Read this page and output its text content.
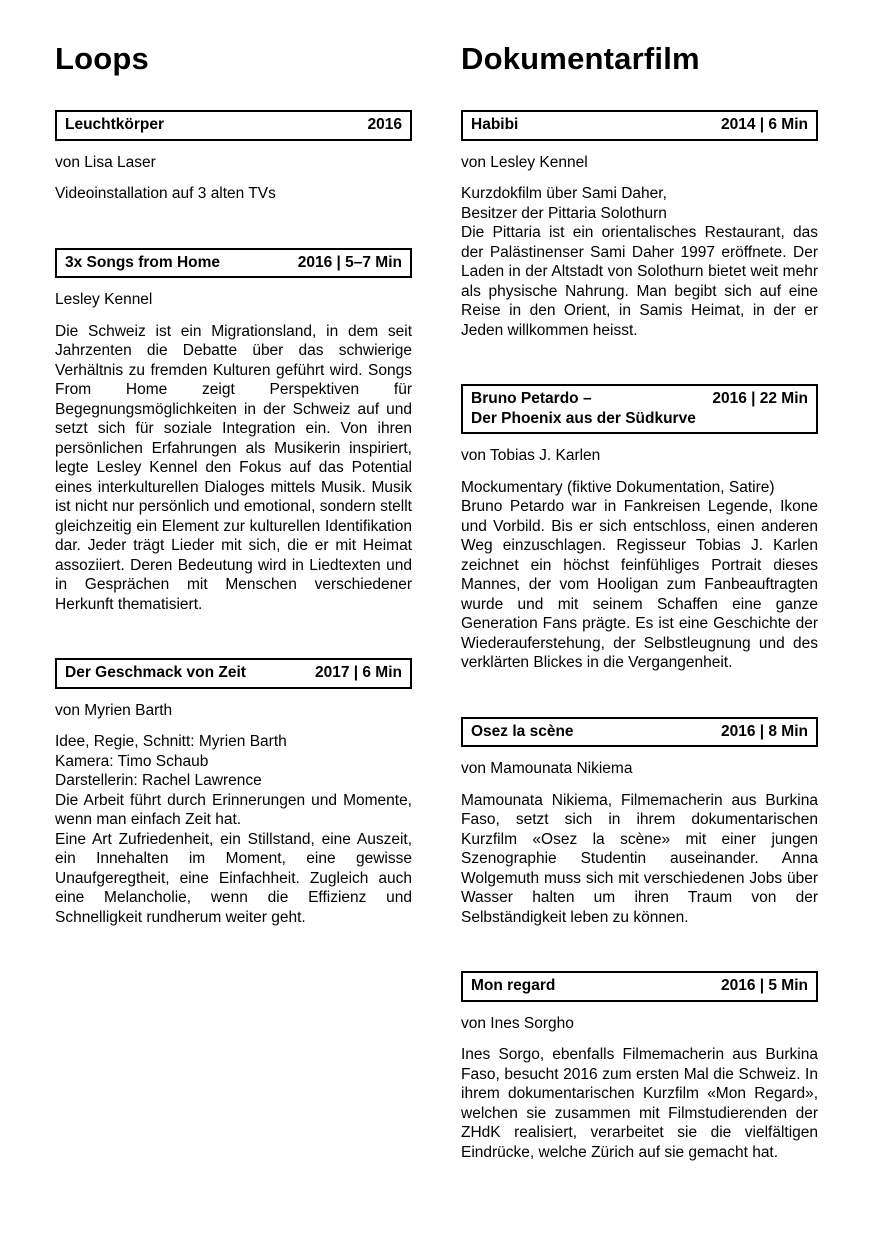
Loops
Leuchtkörper	2016
von Lisa Laser
Videoinstallation auf 3 alten TVs
3x Songs from Home	2016 | 5–7 Min
Lesley Kennel

Die Schweiz ist ein Migrationsland, in dem seit Jahrzenten die Debatte über das schwierige Verhältnis zu fremden Kulturen geführt wird. Songs From Home zeigt Perspektiven für Begegnungsmöglichkeiten in der Schweiz auf und setzt sich für soziale Integration ein. Von ihren persönlichen Erfahrungen als Musikerin inspiriert, legte Lesley Kennel den Fokus auf das Potential eines interkulturellen Dialoges mittels Musik. Musik ist nicht nur persönlich und emotional, sondern stellt gleichzeitig ein Element zur kulturellen Identifikation dar. Jeder trägt Lieder mit sich, die er mit Heimat assoziiert. Deren Bedeutung wird in Liedtexten und in Gesprächen mit Menschen verschiedener Herkunft thematisiert.

Der Geschmack von Zeit	2017 | 6 Min
von Myrien Barth
Idee, Regie, Schnitt: Myrien Barth
Kamera: Timo Schaub
Darstellerin: Rachel Lawrence

Die Arbeit führt durch Erinnerungen und Momente, wenn man einfach Zeit hat.

Eine Art Zufriedenheit, ein Stillstand, eine Auszeit, ein Innehalten im Moment, eine gewisse Unaufgeregtheit, eine Einfachheit. Zugleich auch eine Melancholie, wenn die Effizienz und Schnelligkeit rundherum weiter geht.

Dokumentarfilm
Habibi	2014 | 6 Min
von Lesley Kennel
Kurzdokfilm über Sami Daher,
Besitzer der Pittaria Solothurn

Die Pittaria ist ein orientalisches Restaurant, das der Palästinenser Sami Daher 1997 eröffnete. Der Laden in der Altstadt von Solothurn bietet weit mehr als physische Nahrung. Man begibt sich auf eine Reise in den Orient, in Samis Heimat, in der er Jeden willkommen heisst.

Bruno Petardo –
Der Phoenix aus der Südkurve
2016 | 22 Min
von Tobias J. Karlen
Mockumentary (fiktive Dokumentation, Satire)

Bruno Petardo war in Fankreisen Legende, Ikone und Vorbild. Bis er sich entschloss, einen anderen Weg einzuschlagen. Regisseur Tobias J. Karlen zeichnet ein höchst feinfühliges Portrait dieses Mannes, der vom Hooligan zum Fanbeauftragten wurde und mit seinem Schaffen eine ganze Generation Fans prägte. Es ist eine Geschichte der Wiederauferstehung, der Selbstleugnung und des verklärten Blickes in die Vergangenheit.

Osez la scène	2016 | 8 Min
von Mamounata Nikiema

Mamounata Nikiema, Filmemacherin aus Burkina Faso, setzt sich in ihrem dokumentarischen Kurzfilm «Osez la scène» mit einer jungen Szenographie Studentin auseinander. Anna Wolgemuth muss sich mit verschiedenen Jobs über Wasser halten um ihren Traum von der Selbständigkeit leben zu können.

Mon regard	2016 | 5 Min
von Ines Sorgho

Ines Sorgo, ebenfalls Filmemacherin aus Burkina Faso, besucht 2016 zum ersten Mal die Schweiz. In ihrem dokumentarischen Kurzfilm «Mon Regard», welchen sie zusammen mit Filmstudierenden der ZHdK realisiert, verarbeitet sie die vielfältigen Eindrücke, welche Zürich auf sie gemacht hat.
